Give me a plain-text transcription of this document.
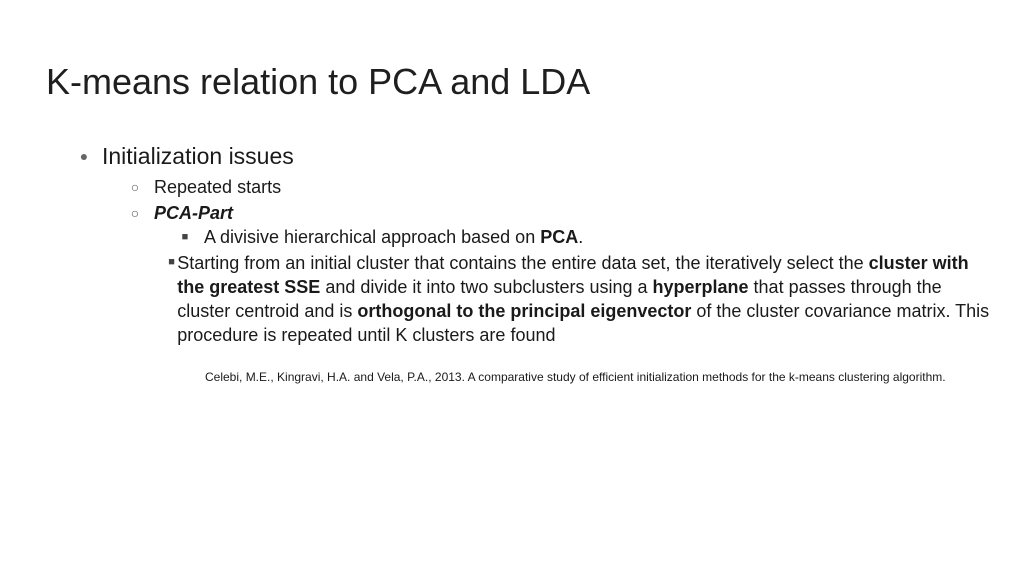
K-means relation to PCA and LDA
● Initialization issues
○ Repeated starts
○ PCA-Part
■ A divisive hierarchical approach based on PCA.
■ Starting from an initial cluster that contains the entire data set, the iteratively select the cluster with the greatest SSE and divide it into two subclusters using a hyperplane that passes through the cluster centroid and is orthogonal to the principal eigenvector of the cluster covariance matrix. This procedure is repeated until K clusters are found
Celebi, M.E., Kingravi, H.A. and Vela, P.A., 2013. A comparative study of efficient initialization methods for the k-means clustering algorithm.
